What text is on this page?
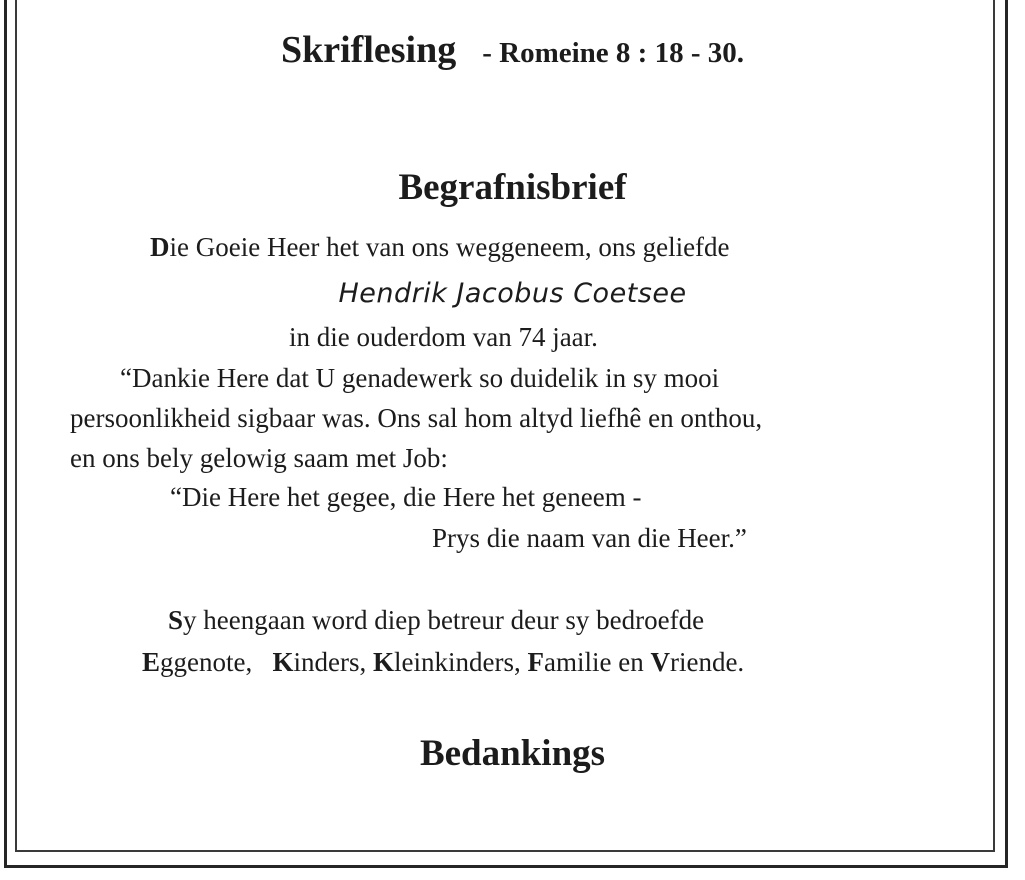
Skriflesing - Romeine 8 : 18 - 30.
Begrafnisbrief
Die Goeie Heer het van ons weggeneem, ons geliefde
Hendrik Jacobus Coetsee
in die ouderdom van 74 jaar.
“Dankie Here dat U genadewerk so duidelik in sy mooi
persoonlikheid sigbaar was. Ons sal hom altyd liefhê en onthou,
en ons bely gelowig saam met Job:
“Die Here het gegee, die Here het geneem -
Prys die naam van die Heer.”
Sy heengaan word diep betreur deur sy bedroefde
Eggenote, Kinders, Kleinkinders, Familie en Vriende.
Bedankings
